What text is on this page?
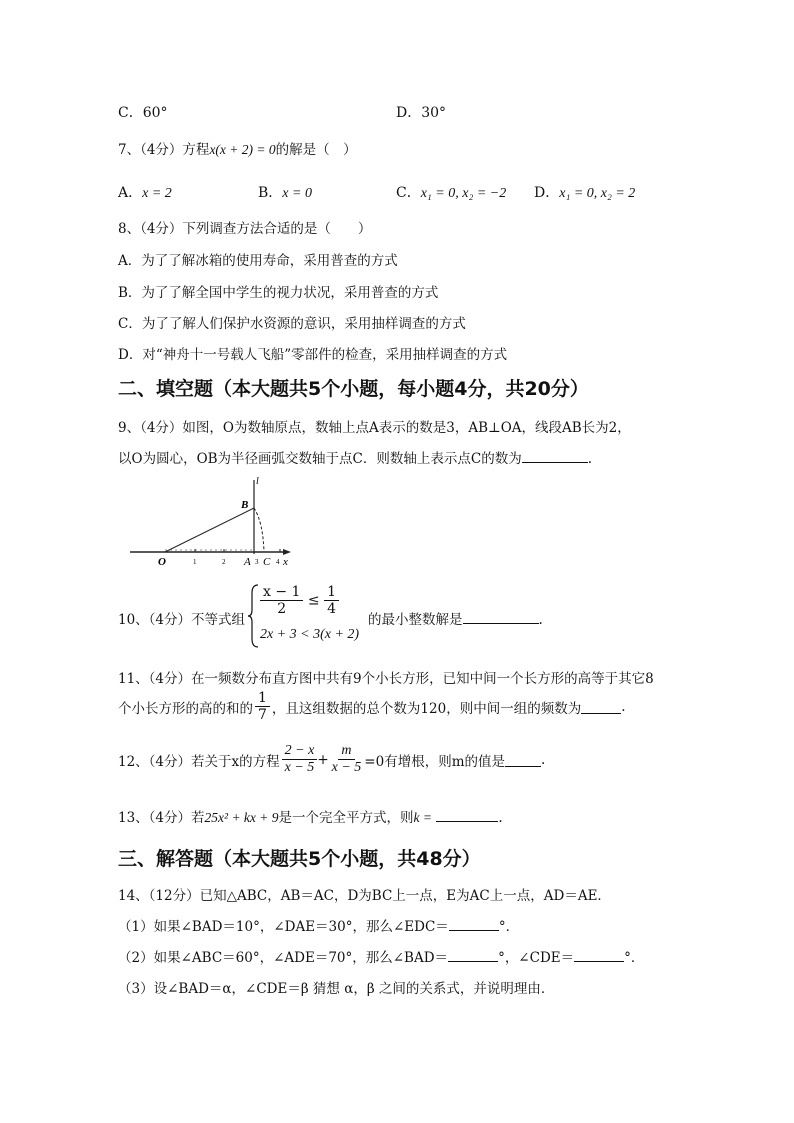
C．60°	D．30°
7、（4分）方程x(x + 2) = 0的解是（　）
A．x = 2	B．x = 0	C．x₁ = 0, x₂ = −2 D．x₁ = 0, x₂ = 2
8、（4分）下列调查方法合适的是（　　）
A．为了了解冰箱的使用寿命，采用普查的方式
B．为了了解全国中学生的视力状况，采用普查的方式
C．为了了解人们保护水资源的意识，采用抽样调查的方式
D．对“神舟十一号载人飞船”零部件的检查，采用抽样调查的方式
二、填空题（本大题共5个小题，每小题4分，共20分）
9、（4分）如图，O为数轴原点，数轴上点A表示的数是3，AB⊥OA，线段AB长为2，
以O为圆心，OB为半径画弧交数轴于点C．则数轴上表示点C的数为	.
O	1	2 A 3 C 4 x
B
l
10、（4分）不等式组
$\frac{x - 1}{2} \le \frac{1}{4}$
2x + 3 < 3(x + 2)
的最小整数解是	.
11、（4分）在一频数分布直方图中共有9个小长方形，已知中间一个长方形的高等于其它8
个小长方形的高的和的 $\frac{1}{7}$ ，且这组数据的总个数为120，则中间一组的频数为	.
12、（4分）若关于x的方程 $\frac{2 - x}{x - 5} + \frac{m}{x - 5} =0$有增根，则m的值是	.
13、（4分）若25x² + kx + 9是一个完全平方式，则k =	.
三、解答题（本大题共5个小题，共48分）
14、（12分）已知△ABC，AB＝AC，D为BC上一点，E为AC上一点，AD＝AE．
（1）如果∠BAD＝10°，∠DAE＝30°，那么∠EDC＝	°．
（2）如果∠ABC＝60°，∠ADE＝70°，那么∠BAD＝	°，∠CDE＝	°．
（3）设∠BAD＝α，∠CDE＝β 猜想 α，β 之间的关系式，并说明理由．
